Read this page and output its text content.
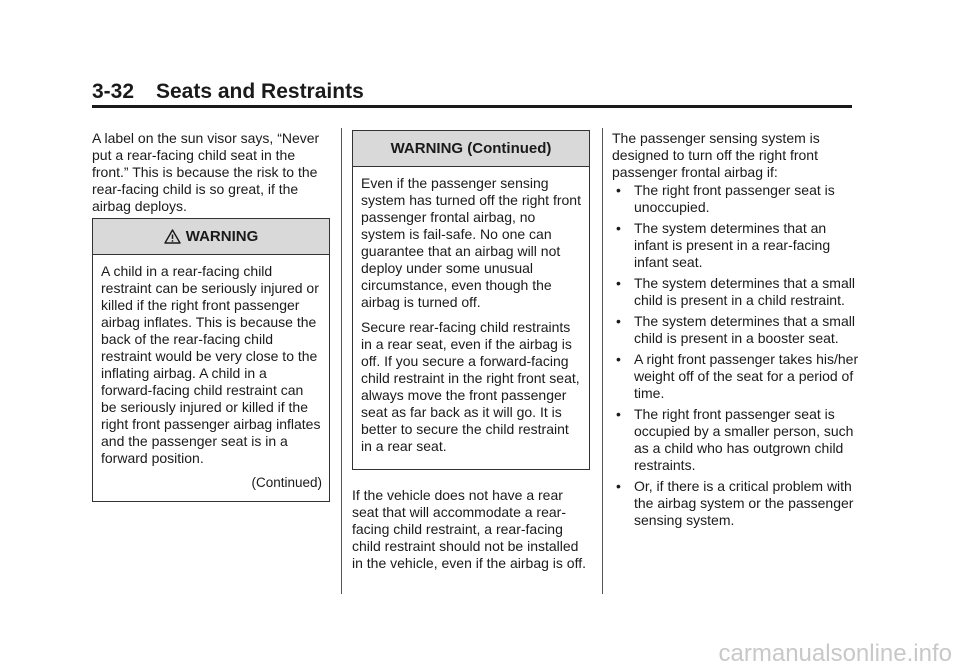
3-32 Seats and Restraints
A label on the sun visor says, “Never put a rear-facing child seat in the front.” This is because the risk to the rear-facing child is so great, if the airbag deploys.
WARNING

A child in a rear-facing child restraint can be seriously injured or killed if the right front passenger airbag inflates. This is because the back of the rear-facing child restraint would be very close to the inflating airbag. A child in a forward-facing child restraint can be seriously injured or killed if the right front passenger airbag inflates and the passenger seat is in a forward position.

(Continued)
WARNING (Continued)

Even if the passenger sensing system has turned off the right front passenger frontal airbag, no system is fail-safe. No one can guarantee that an airbag will not deploy under some unusual circumstance, even though the airbag is turned off.

Secure rear-facing child restraints in a rear seat, even if the airbag is off. If you secure a forward-facing child restraint in the right front seat, always move the front passenger seat as far back as it will go. It is better to secure the child restraint in a rear seat.

If the vehicle does not have a rear seat that will accommodate a rear-facing child restraint, a rear-facing child restraint should not be installed in the vehicle, even if the airbag is off.
The passenger sensing system is designed to turn off the right front passenger frontal airbag if:
• The right front passenger seat is unoccupied.
• The system determines that an infant is present in a rear-facing infant seat.
• The system determines that a small child is present in a child restraint.
• The system determines that a small child is present in a booster seat.
• A right front passenger takes his/her weight off of the seat for a period of time.
• The right front passenger seat is occupied by a smaller person, such as a child who has outgrown child restraints.
• Or, if there is a critical problem with the airbag system or the passenger sensing system.
carmanualsonline.info
